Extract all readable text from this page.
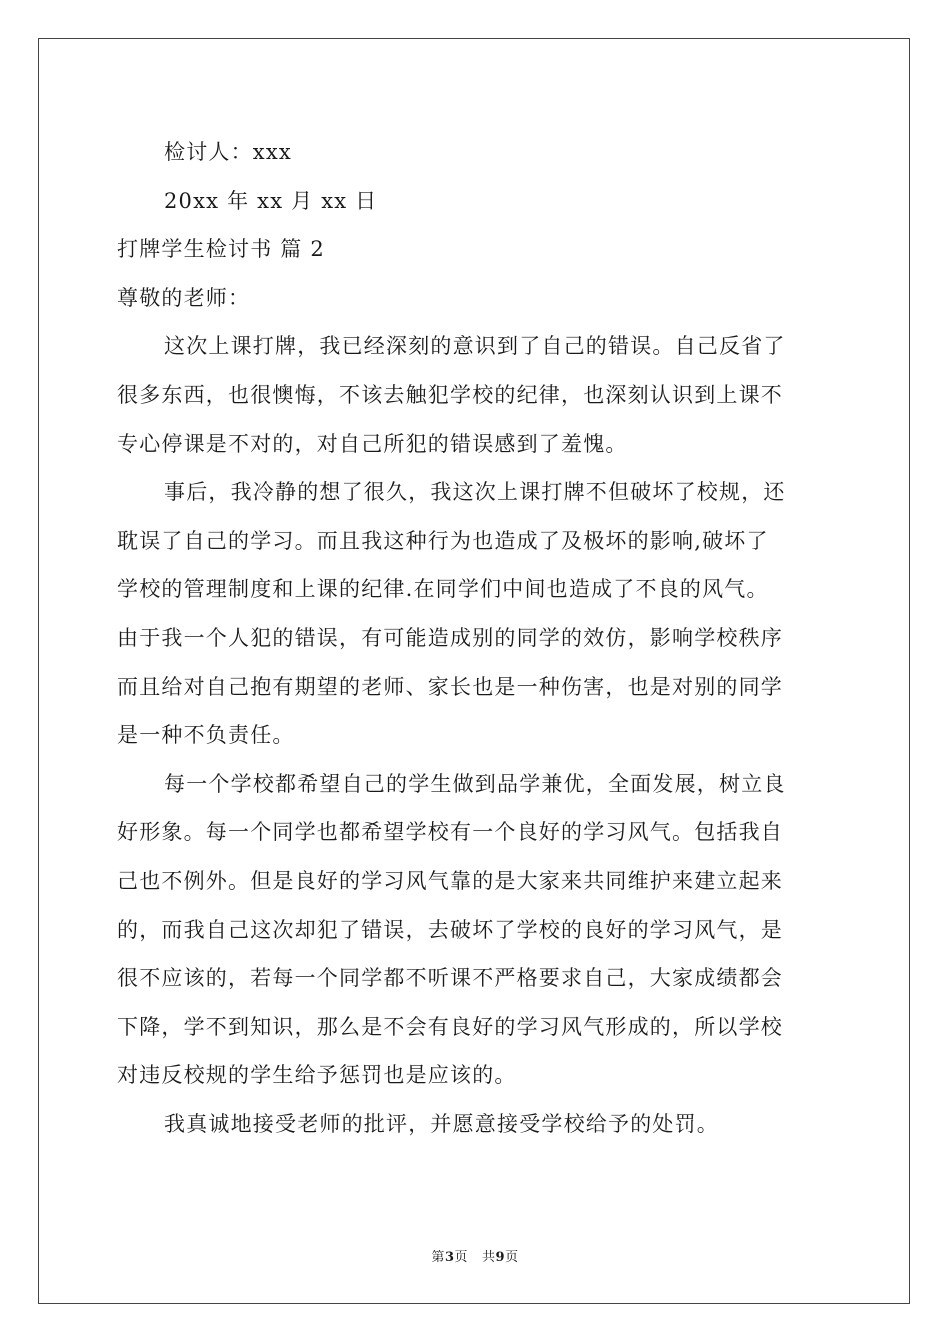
检讨人：xxx

20xx 年 xx 月 xx 日

打牌学生检讨书 篇 2

尊敬的老师：

这次上课打牌，我已经深刻的意识到了自己的错误。自己反省了

很多东西，也很懊悔，不该去触犯学校的纪律，也深刻认识到上课不

专心停课是不对的，对自己所犯的错误感到了羞愧。

事后，我冷静的想了很久，我这次上课打牌不但破坏了校规，还

耽误了自己的学习。而且我这种行为也造成了及极坏的影响,破坏了

学校的管理制度和上课的纪律.在同学们中间也造成了不良的风气。

由于我一个人犯的错误，有可能造成别的同学的效仿，影响学校秩序

而且给对自己抱有期望的老师、家长也是一种伤害，也是对别的同学

是一种不负责任。

每一个学校都希望自己的学生做到品学兼优，全面发展，树立良

好形象。每一个同学也都希望学校有一个良好的学习风气。包括我自

己也不例外。但是良好的学习风气靠的是大家来共同维护来建立起来

的，而我自己这次却犯了错误，去破坏了学校的良好的学习风气，是

很不应该的，若每一个同学都不听课不严格要求自己，大家成绩都会

下降，学不到知识，那么是不会有良好的学习风气形成的，所以学校

对违反校规的学生给予惩罚也是应该的。

我真诚地接受老师的批评，并愿意接受学校给予的处罚。

第3页 共9页
